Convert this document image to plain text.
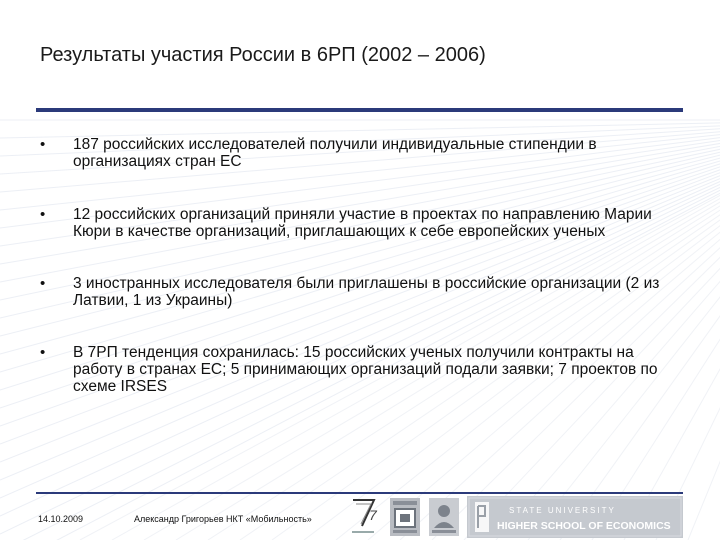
Результаты участия России в 6РП (2002 – 2006)
• 187 российских исследователей получили индивидуальные стипендии в организациях стран ЕС
• 12 российских организаций приняли участие в проектах по направлению Марии Кюри в качестве организаций, приглашающих к себе европейских ученых
• 3 иностранных исследователя были приглашены в российские организации (2 из Латвии, 1 из Украины)
• В 7РП тенденция сохранилась: 15 российских ученых получили контракты на работу в странах ЕС; 5 принимающих организаций подали заявки; 7 проектов по схеме IRSES
14.10.2009	Александр Григорьев НКТ «Мобильность»	7	STATE UNIVERSITY
HIGHER SCHOOL OF ECONOMICS
